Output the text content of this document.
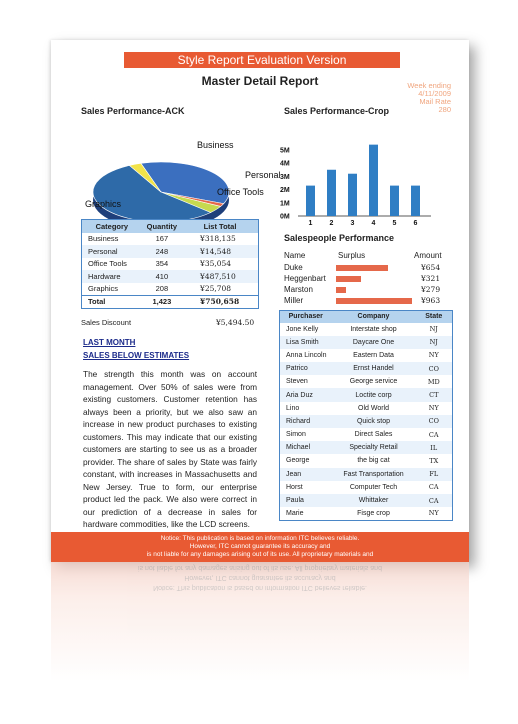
Style Report Evaluation Version
Master Detail Report	Week ending
4/11/2009
Mail Rate
280
Sales Performance-ACK	Sales Performance-Crop
Business
Personal
Office Tools
Graphics
0M
1M
2M
3M
4M
5M
1 2 3 4 5 6
Category	Quantity	List Total
Business	167	¥318,135
Personal	248	¥14,548
Office Tools	354	¥35,054
Hardware	410	¥487,510
Graphics	208	¥25,708
Total	1,423	¥750,658
Sales Discount	¥5,494.50
LAST MONTH
SALES BELOW ESTIMATES
The strength this month was on account management. Over 50% of sales were from existing customers. Customer retention has always been a priority, but we also saw an increase in new product purchases to existing customers. This may indicate that our existing customers are starting to see us as a broader provider. The share of sales by State was fairly constant, with increases in Massachusetts and New Jersey. True to form, our enterprise product led the pack. We also were correct in our prediction of a decrease in sales for hardware commodities, like the LCD screens.
Salespeople Performance
Name	Surplus	Amount
Duke	¥654
Heggenbart	¥321
Marston	¥279
Miller	¥963
Purchaser	Company	State
Jone Kelly	Interstate shop	NJ
Lisa Smith	Daycare One	NJ
Anna Lincoln	Eastern Data	NY
Patrico	Ernst Handel	CO
Steven	George service	MD
Aria Duz	Loctite corp	CT
Lino	Old World	NY
Richard	Quick stop	CO
Simon	Direct Sales	CA
Michael	Specialty Retail	IL
George	the big cat	TX
Jean	Fast Transportation	FL
Horst	Computer Tech	CA
Paula	Whittaker	CA
Marie	Fisge crop	NY
Notice: This publication is based on information ITC believes reliable.
However, ITC cannot guarantee its accuracy and
is not liable for any damages arising out of its use. All proprietary materials and
Notice: This publication is based on information ITC believes reliable.
However, ITC cannot guarantee its accuracy and
is not liable for any damages arising out of its use. All proprietary materials and
